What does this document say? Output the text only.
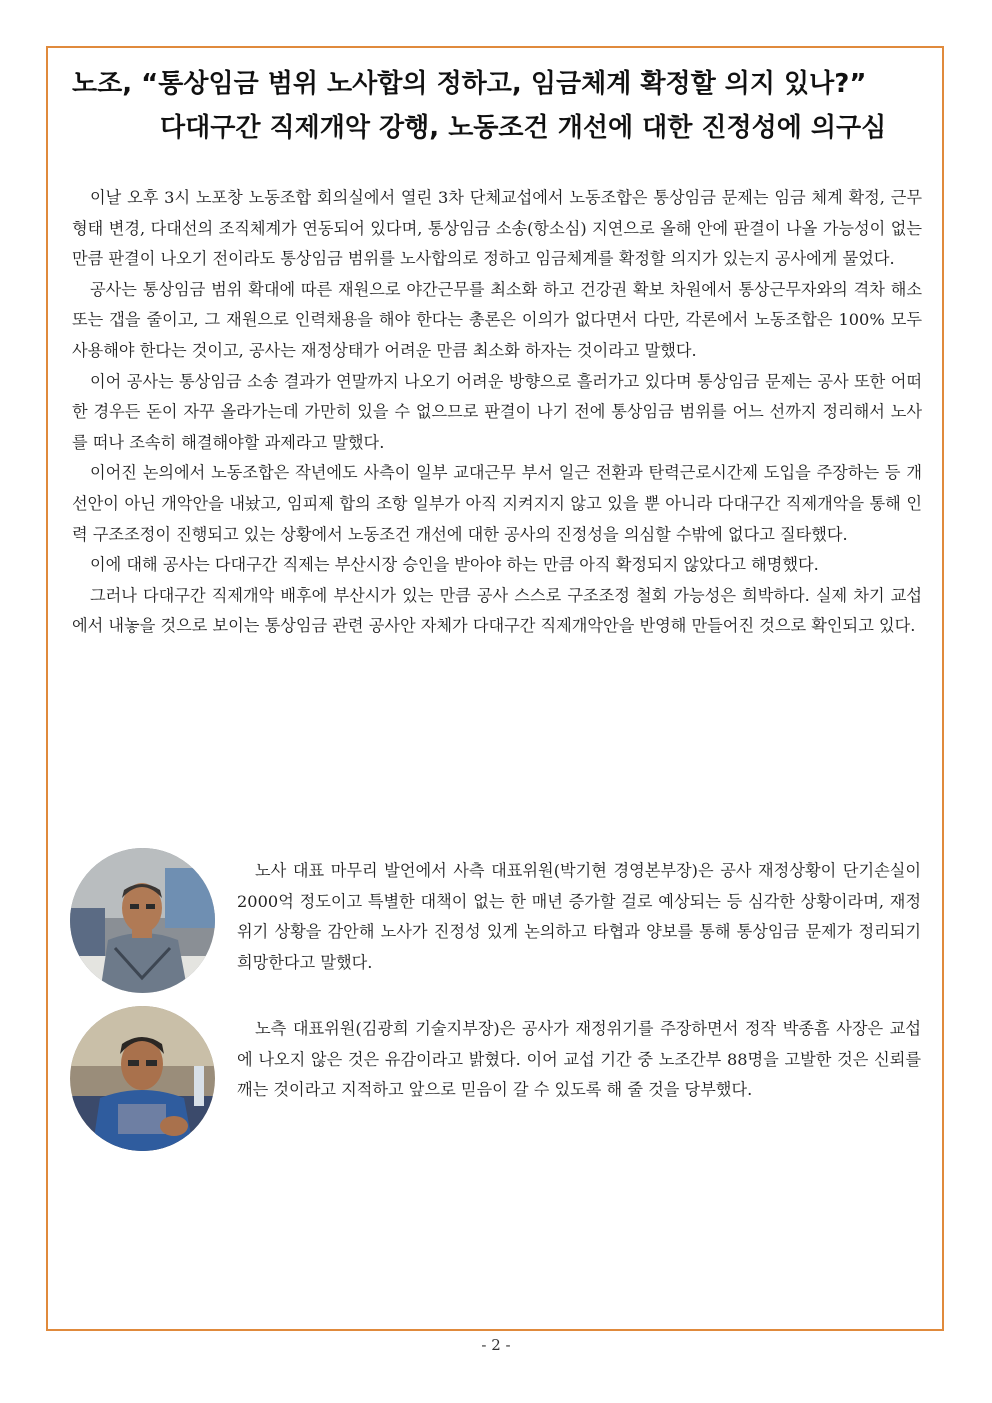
노조, “통상임금 범위 노사합의 정하고, 임금체계 확정할 의지 있나?”
다대구간 직제개악 강행, 노동조건 개선에 대한 진정성에 의구심

이날 오후 3시 노포창 노동조합 회의실에서 열린 3차 단체교섭에서 노동조합은 통상임금 문제는 임금 체계 확정, 근무형태 변경, 다대선의 조직체계가 연동되어 있다며, 통상임금 소송(항소심) 지연으로 올해 안에 판결이 나올 가능성이 없는 만큼 판결이 나오기 전이라도 통상임금 범위를 노사합의로 정하고 임금체계를 확정할 의지가 있는지 공사에게 물었다.

공사는 통상임금 범위 확대에 따른 재원으로 야간근무를 최소화 하고 건강권 확보 차원에서 통상근무자와의 격차 해소 또는 갭을 줄이고, 그 재원으로 인력채용을 해야 한다는 총론은 이의가 없다면서 다만, 각론에서 노동조합은 100% 모두 사용해야 한다는 것이고, 공사는 재정상태가 어려운 만큼 최소화 하자는 것이라고 말했다.

이어 공사는 통상임금 소송 결과가 연말까지 나오기 어려운 방향으로 흘러가고 있다며 통상임금 문제는 공사 또한 어떠한 경우든 돈이 자꾸 올라가는데 가만히 있을 수 없으므로 판결이 나기 전에 통상임금 범위를 어느 선까지 정리해서 노사를 떠나 조속히 해결해야할 과제라고 말했다.

이어진 논의에서 노동조합은 작년에도 사측이 일부 교대근무 부서 일근 전환과 탄력근로시간제 도입을 주장하는 등 개선안이 아닌 개악안을 내놨고, 임피제 합의 조항 일부가 아직 지켜지지 않고 있을 뿐 아니라 다대구간 직제개악을 통해 인력 구조조정이 진행되고 있는 상황에서 노동조건 개선에 대한 공사의 진정성을 의심할 수밖에 없다고 질타했다.

이에 대해 공사는 다대구간 직제는 부산시장 승인을 받아야 하는 만큼 아직 확정되지 않았다고 해명했다.

그러나 다대구간 직제개악 배후에 부산시가 있는 만큼 공사 스스로 구조조정 철회 가능성은 희박하다. 실제 차기 교섭에서 내놓을 것으로 보이는 통상임금 관련 공사안 자체가 다대구간 직제개악안을 반영해 만들어진 것으로 확인되고 있다.

노사 대표 마무리 발언에서 사측 대표위원(박기현 경영본부장)은 공사 재정상황이 단기손실이 2000억 정도이고 특별한 대책이 없는 한 매년 증가할 걸로 예상되는 등 심각한 상황이라며, 재정위기 상황을 감안해 노사가 진정성 있게 논의하고 타협과 양보를 통해 통상임금 문제가 정리되기 희망한다고 말했다.

노측 대표위원(김광희 기술지부장)은 공사가 재정위기를 주장하면서 정작 박종흠 사장은 교섭에 나오지 않은 것은 유감이라고 밝혔다. 이어 교섭 기간 중 노조간부 88명을 고발한 것은 신뢰를 깨는 것이라고 지적하고 앞으로 믿음이 갈 수 있도록 해 줄 것을 당부했다.

- 2 -
